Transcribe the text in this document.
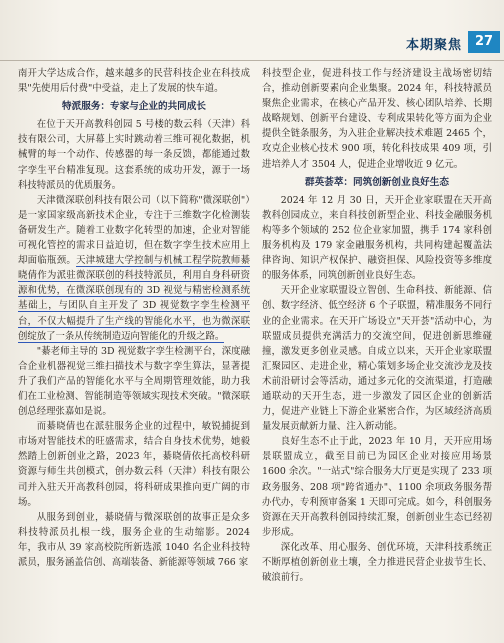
本期聚焦 27

南开大学达成合作，越来越多的民营科技企业在科技成果"先使用后付费"中受益，走上了发展的快车道。

特派服务：专家与企业的共同成长

在位于天开高教科创园 5 号楼的数云科（天津）科技有限公司，大屏幕上实时跳动着三维可视化数据，机械臂的每一个动作、传感器的每一条反馈，都能通过数字孪生平台精准复现。这套系统的成功开发，源于一场科技特派员的优质服务。

天津微深联创科技有限公司（以下简称"微深联创"）是一家国家级高新技术企业，专注于三维数字化检测装备研发生产。随着工业数字化转型的加速，企业对智能可视化管控的需求日益迫切，但在数字孪生技术应用上却面临瓶颈。天津城建大学控制与机械工程学院教师綦晓倩作为派驻微深联创的科技特派员，利用自身科研资源和优势，在微深联创现有的 3D 视觉与精密检测系统基础上，与团队自主开发了 3D 视觉数字孪生检测平台，不仅大幅提升了生产线的智能化水平，也为微深联创绽放了一条从传统制造迈向智能化的升级之路。

"綦老师主导的 3D 视觉数字孪生检测平台，深度融合企业机器视觉三维扫描技术与数字孪生算法，显著提升了我们产品的智能化水平与全周期管理效能，助力我们在工业检测、智能制造等领域实现技术突破。"微深联创总经理张嘉如是说。

而綦晓倩也在派驻服务企业的过程中，敏锐捕捉到市场对智能技术的旺盛需求，结合自身技术优势，她毅然踏上创新创业之路，2023 年，綦晓倩依托高校科研资源与师生共创模式，创办数云科（天津）科技有限公司并入驻天开高教科创园，将科研成果推向更广阔的市场。

从服务到创业，綦晓倩与微深联创的故事正是众多科技特派员扎根一线，服务企业的生动缩影。2024 年，我市从 39 家高校院所新选派 1040 名企业科技特派员，服务涵盖信创、高端装备、新能源等领域 766 家

科技型企业，促进科技工作与经济建设主战场密切结合，推动创新要素向企业集聚。2024 年，科技特派员聚焦企业需求，在核心产品开发、核心团队培养、长期战略规划、创新平台建设、专利成果转化等方面为企业提供全链条服务，为入驻企业解决技术难题 2465 个，攻克企业核心技术 900 项，转化科技成果 409 项，引进培养人才 3504 人，促进企业增收近 9 亿元。

群英荟萃：同筑创新创业良好生态

2024 年 12 月 30 日，天开企业家联盟在天开高教科创园成立，来自科技创新型企业、科技金融服务机构等多个领域的 252 位企业家加盟，携手 174 家科创服务机构及 179 家金融服务机构，共同构建起覆盖法律咨询、知识产权保护、融资担保、风险投资等多维度的服务体系，同筑创新创业良好生态。

天开企业家联盟设立智创、生命科技、新能源、信创、数字经济、低空经济 6 个子联盟，精准服务不同行业的企业需求。在天开广场设立"天开荟"活动中心，为联盟成员提供充满活力的交流空间，促进创新思维碰撞，激发更多创业灵感。自成立以来，天开企业家联盟汇聚园区、走进企业，精心策划多场企业交流沙龙及技术前沿研讨会等活动，通过多元化的交流渠道，打造融通联动的天开生态，进一步激发了园区企业的创新活力，促进产业链上下游企业紧密合作，为区域经济高质量发展贡献新力量、注入新动能。

良好生态不止于此，2023 年 10 月，天开应用场景联盟成立，截至目前已为园区企业对接应用场景 1600 余次。"一站式"综合服务大厅更是实现了 233 项政务服务、208 项"跨省通办"、1100 余项政务服务帮办代办，专利预审备案 1 天即可完成。如今，科创服务资源在天开高教科创园持续汇聚，创新创业生态已经初步形成。

深化改革、用心服务、创优环境，天津科技系统正不断厚植创新创业土壤，全力推进民营企业拔节生长、破浪前行。
